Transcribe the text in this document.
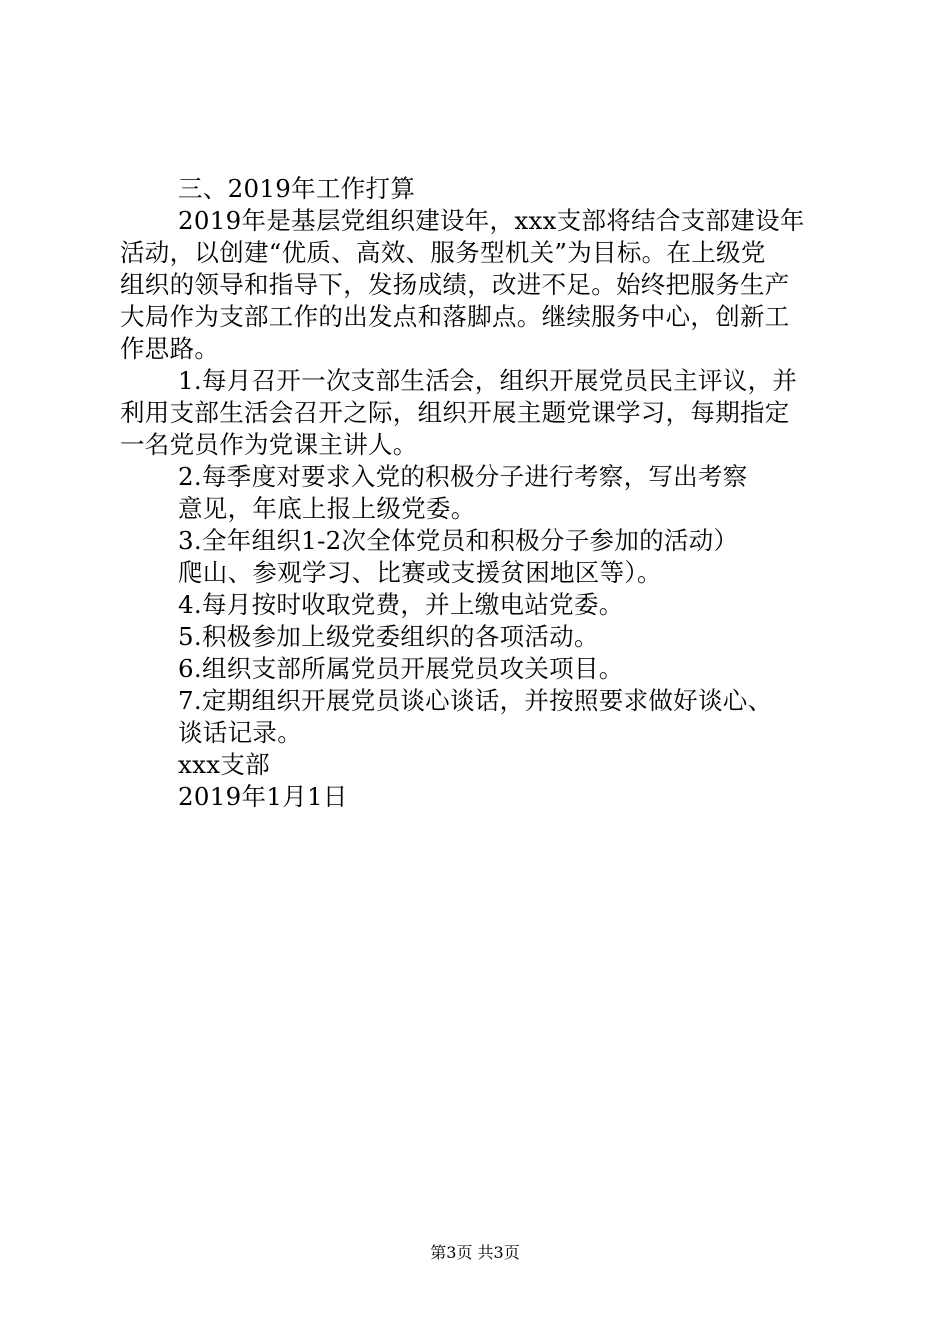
三、2019年工作打算
2019年是基层党组织建设年，xxx支部将结合支部建设年
活动，以创建“优质、高效、服务型机关”为目标。在上级党
组织的领导和指导下，发扬成绩，改进不足。始终把服务生产
大局作为支部工作的出发点和落脚点。继续服务中心，创新工
作思路。
1.每月召开一次支部生活会，组织开展党员民主评议，并
利用支部生活会召开之际，组织开展主题党课学习，每期指定
一名党员作为党课主讲人。
2.每季度对要求入党的积极分子进行考察，写出考察
意见，年底上报上级党委。
3.全年组织1-2次全体党员和积极分子参加的活动）
爬山、参观学习、比赛或支援贫困地区等）。
4.每月按时收取党费，并上缴电站党委。
5.积极参加上级党委组织的各项活动。
6.组织支部所属党员开展党员攻关项目。
7.定期组织开展党员谈心谈话，并按照要求做好谈心、
谈话记录。
xxx支部
2019年1月1日
第3页 共3页
